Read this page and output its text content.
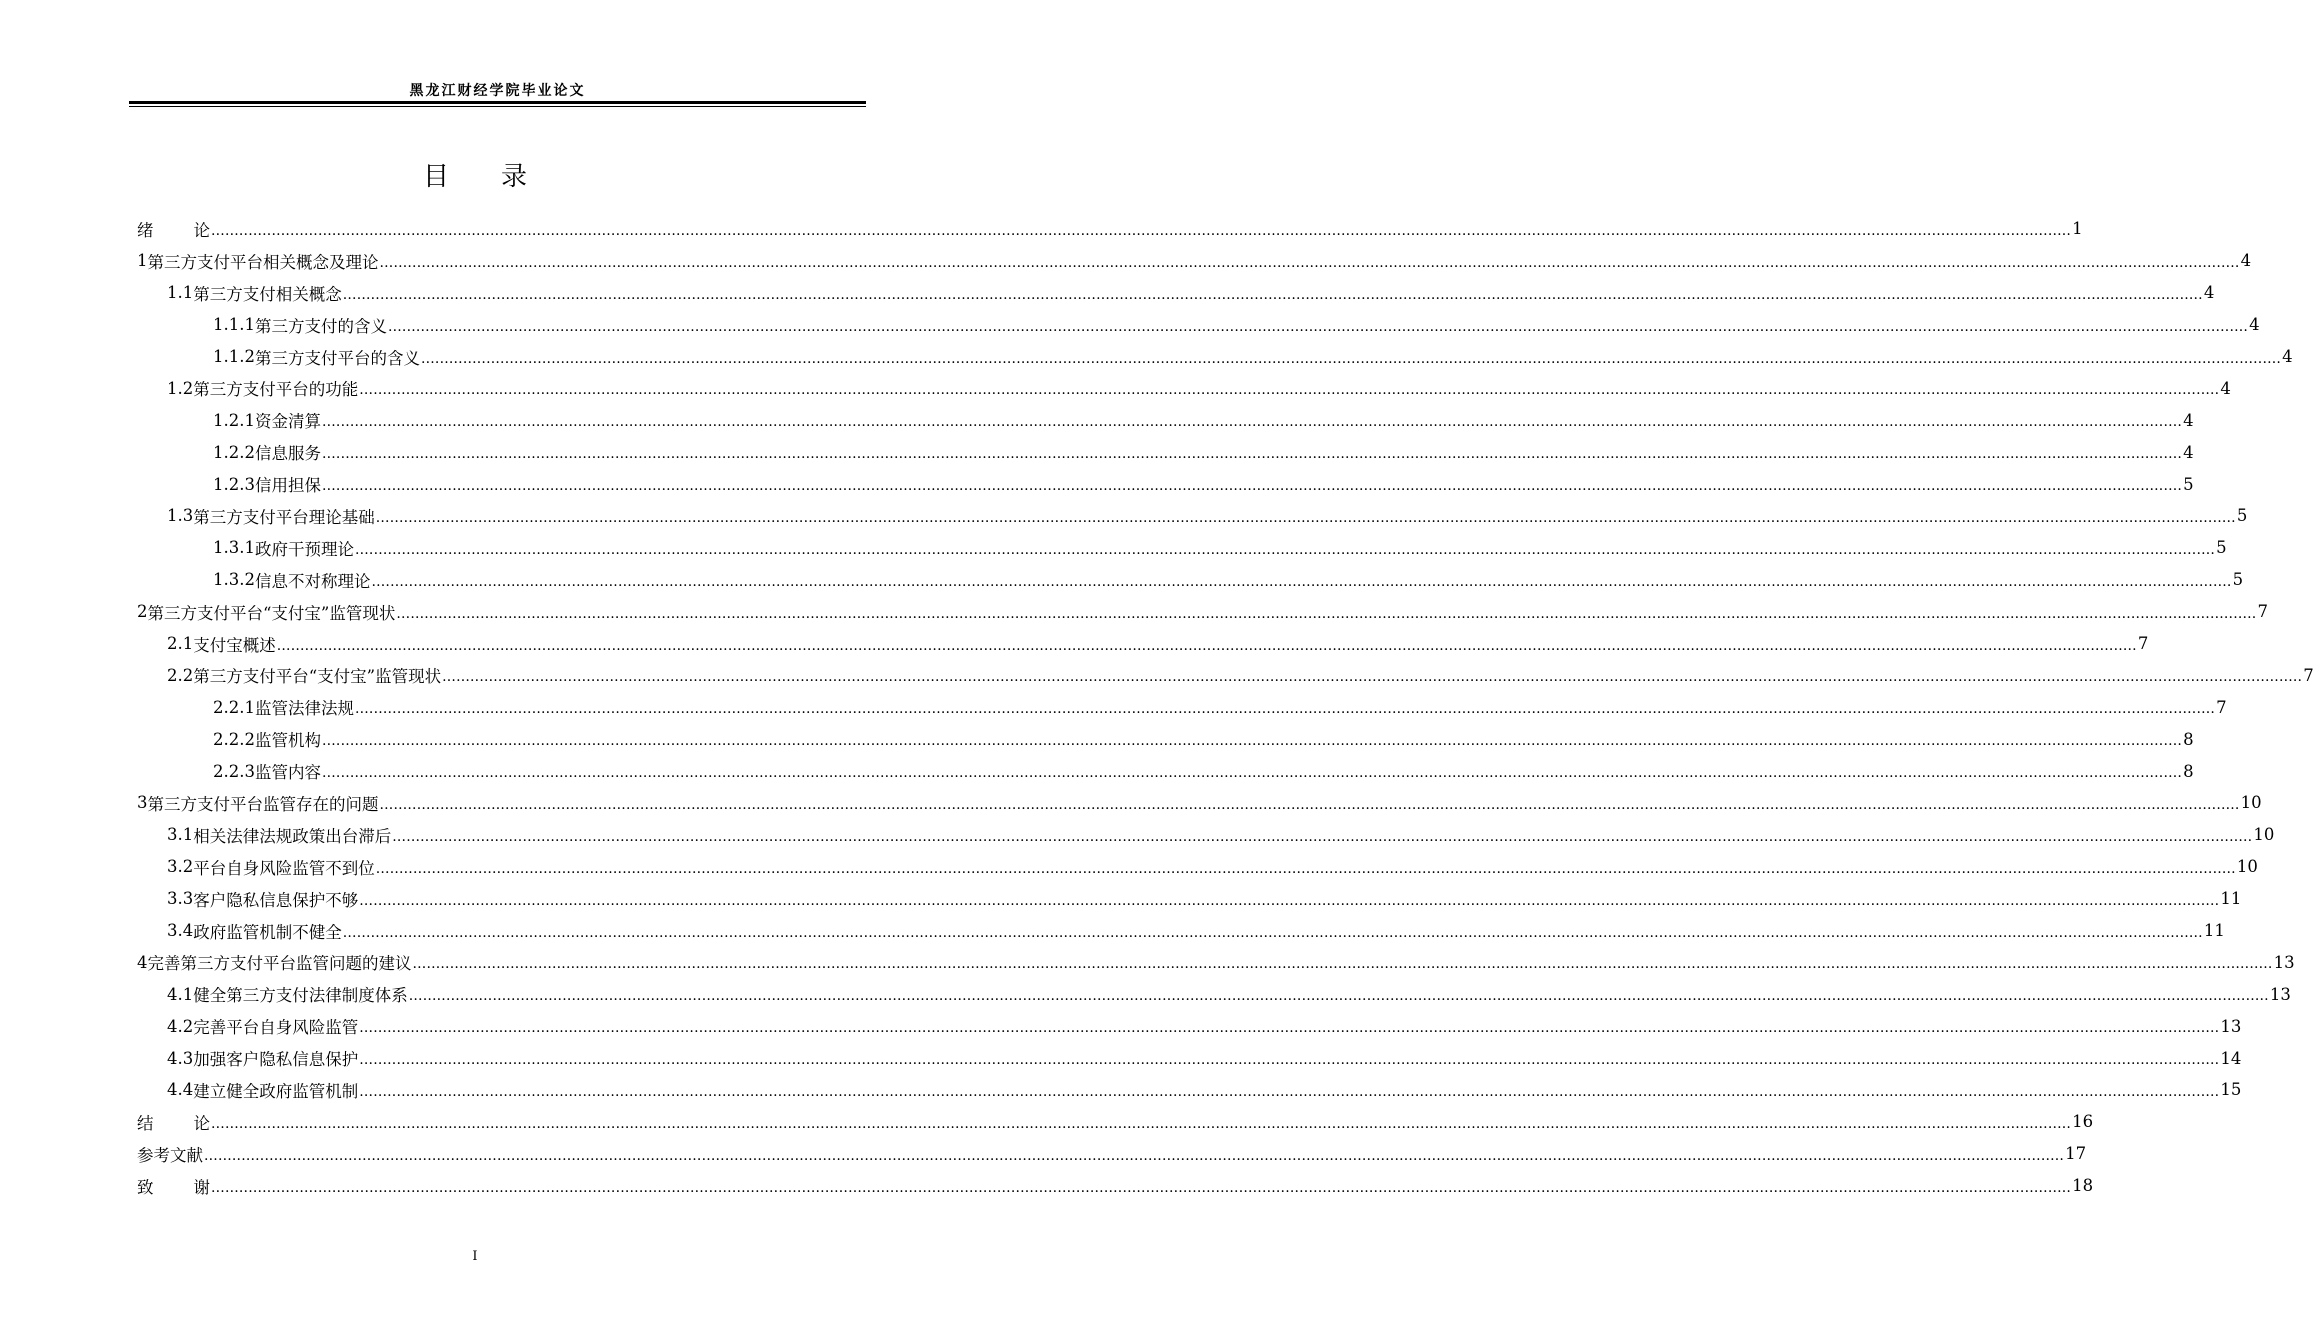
黑龙江财经学院毕业论文
目 录
绪论 ................................................................................................................................................................................................................................................................................................................................................................................................................ 1
1 第三方支付平台相关概念及理论 ................................................................................................................................................................................................................................................................................................................................................................................................................ 4
1.1 第三方支付相关概念 ................................................................................................................................................................................................................................................................................................................................................................................................................ 4
1.1.1 第三方支付的含义 ................................................................................................................................................................................................................................................................................................................................................................................................................ 4
1.1.2 第三方支付平台的含义 ................................................................................................................................................................................................................................................................................................................................................................................................................ 4
1.2 第三方支付平台的功能 ................................................................................................................................................................................................................................................................................................................................................................................................................ 4
1.2.1 资金清算 ................................................................................................................................................................................................................................................................................................................................................................................................................ 4
1.2.2 信息服务 ................................................................................................................................................................................................................................................................................................................................................................................................................ 4
1.2.3 信用担保 ................................................................................................................................................................................................................................................................................................................................................................................................................ 5
1.3 第三方支付平台理论基础 ................................................................................................................................................................................................................................................................................................................................................................................................................ 5
1.3.1 政府干预理论 ................................................................................................................................................................................................................................................................................................................................................................................................................ 5
1.3.2 信息不对称理论 ................................................................................................................................................................................................................................................................................................................................................................................................................ 5
2 第三方支付平台“支付宝”监管现状 ................................................................................................................................................................................................................................................................................................................................................................................................................ 7
2.1 支付宝概述 ................................................................................................................................................................................................................................................................................................................................................................................................................ 7
2.2 第三方支付平台“支付宝”监管现状 ................................................................................................................................................................................................................................................................................................................................................................................................................ 7
2.2.1 监管法律法规 ................................................................................................................................................................................................................................................................................................................................................................................................................ 7
2.2.2 监管机构 ................................................................................................................................................................................................................................................................................................................................................................................................................ 8
2.2.3 监管内容 ................................................................................................................................................................................................................................................................................................................................................................................................................ 8
3 第三方支付平台监管存在的问题 ................................................................................................................................................................................................................................................................................................................................................................................................................ 10
3.1 相关法律法规政策出台滞后 ................................................................................................................................................................................................................................................................................................................................................................................................................ 10
3.2 平台自身风险监管不到位 ................................................................................................................................................................................................................................................................................................................................................................................................................ 10
3.3 客户隐私信息保护不够 ................................................................................................................................................................................................................................................................................................................................................................................................................ 11
3.4 政府监管机制不健全 ................................................................................................................................................................................................................................................................................................................................................................................................................ 11
4 完善第三方支付平台监管问题的建议 ................................................................................................................................................................................................................................................................................................................................................................................................................ 13
4.1 健全第三方支付法律制度体系 ................................................................................................................................................................................................................................................................................................................................................................................................................ 13
4.2 完善平台自身风险监管 ................................................................................................................................................................................................................................................................................................................................................................................................................ 13
4.3 加强客户隐私信息保护 ................................................................................................................................................................................................................................................................................................................................................................................................................ 14
4.4 建立健全政府监管机制 ................................................................................................................................................................................................................................................................................................................................................................................................................ 15
结论 ................................................................................................................................................................................................................................................................................................................................................................................................................ 16
参考文献 ................................................................................................................................................................................................................................................................................................................................................................................................................ 17
致谢 ................................................................................................................................................................................................................................................................................................................................................................................................................ 18
I
